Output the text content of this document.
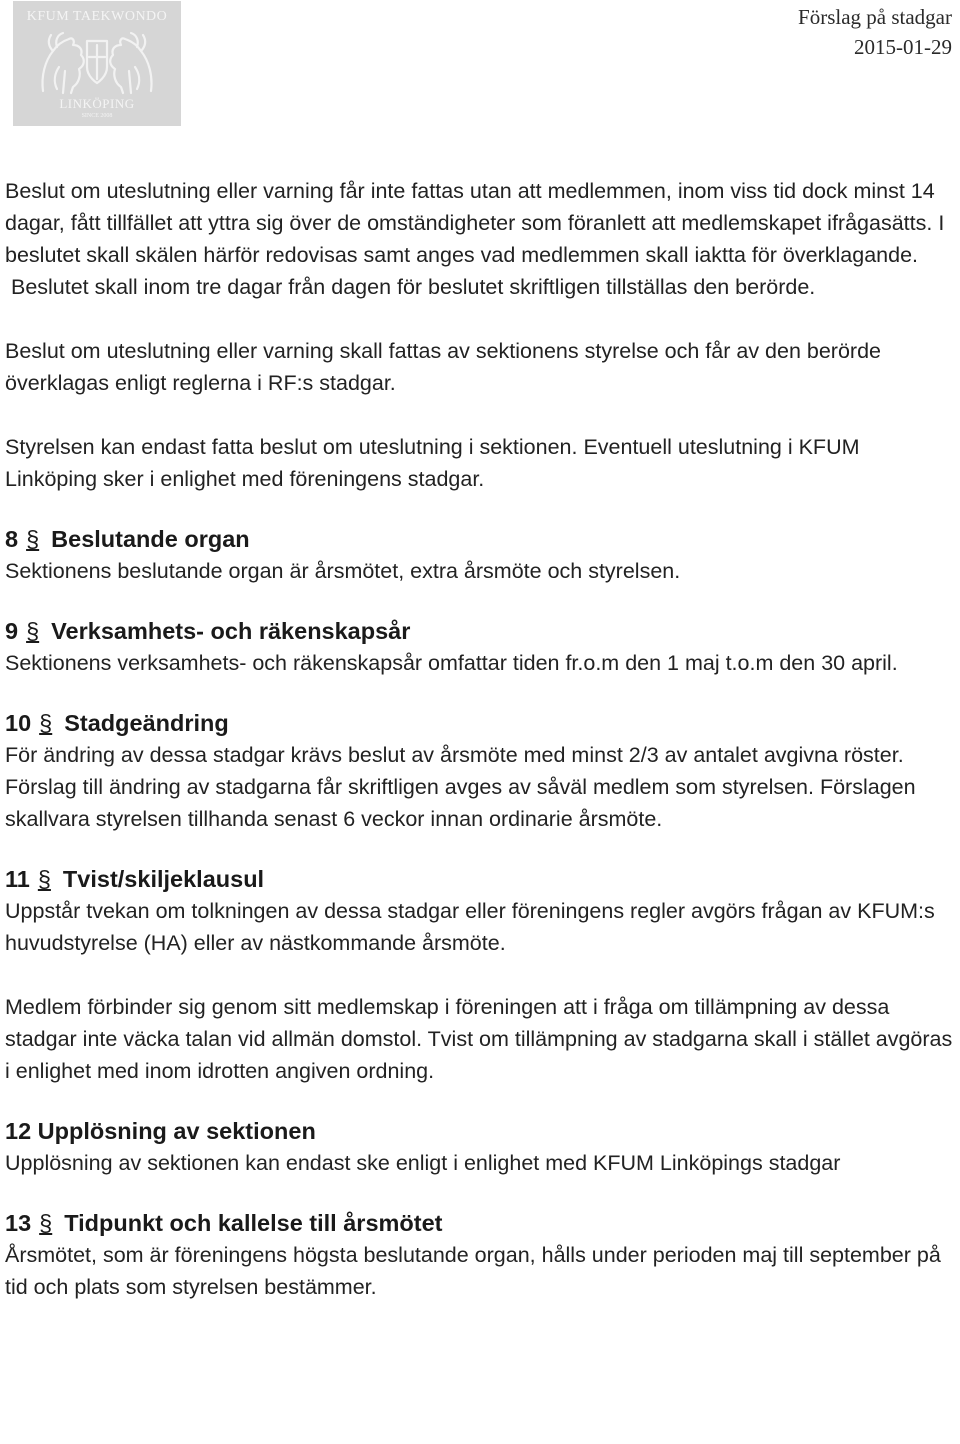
KFUM TAEKWONDO
LINKÖPING
SINCE 2008
Förslag på stadgar
2015-01-29

Beslut om uteslutning eller varning får inte fattas utan att medlemmen, inom viss tid dock minst 14 dagar, fått tillfället att yttra sig över de omständigheter som föranlett att medlemskapet ifrågasätts. I beslutet skall skälen härför redovisas samt anges vad medlemmen skall iaktta för överklagande.

Beslutet skall inom tre dagar från dagen för beslutet skriftligen tillställas den berörde.

Beslut om uteslutning eller varning skall fattas av sektionens styrelse och får av den berörde överklagas enligt reglerna i RF:s stadgar.

Styrelsen kan endast fatta beslut om uteslutning i sektionen. Eventuell uteslutning i KFUM Linköping sker i enlighet med föreningens stadgar.

8 § Beslutande organ

Sektionens beslutande organ är årsmötet, extra årsmöte och styrelsen.

9 § Verksamhets- och räkenskapsår

Sektionens verksamhets- och räkenskapsår omfattar tiden fr.o.m den 1 maj t.o.m den 30 april.

10 § Stadgeändring

För ändring av dessa stadgar krävs beslut av årsmöte med minst 2/3 av antalet avgivna röster.

Förslag till ändring av stadgarna får skriftligen avges av såväl medlem som styrelsen. Förslagen skallvara styrelsen tillhanda senast 6 veckor innan ordinarie årsmöte.

11 § Tvist/skiljeklausul

Uppstår tvekan om tolkningen av dessa stadgar eller föreningens regler avgörs frågan av KFUM:s huvudstyrelse (HA) eller av nästkommande årsmöte.

Medlem förbinder sig genom sitt medlemskap i föreningen att i fråga om tillämpning av dessa stadgar inte väcka talan vid allmän domstol. Tvist om tillämpning av stadgarna skall i stället avgöras i enlighet med inom idrotten angiven ordning.

12 Upplösning av sektionen

Upplösning av sektionen kan endast ske enligt i enlighet med KFUM Linköpings stadgar

13 § Tidpunkt och kallelse till årsmötet

Årsmötet, som är föreningens högsta beslutande organ, hålls under perioden maj till september på tid och plats som styrelsen bestämmer.
